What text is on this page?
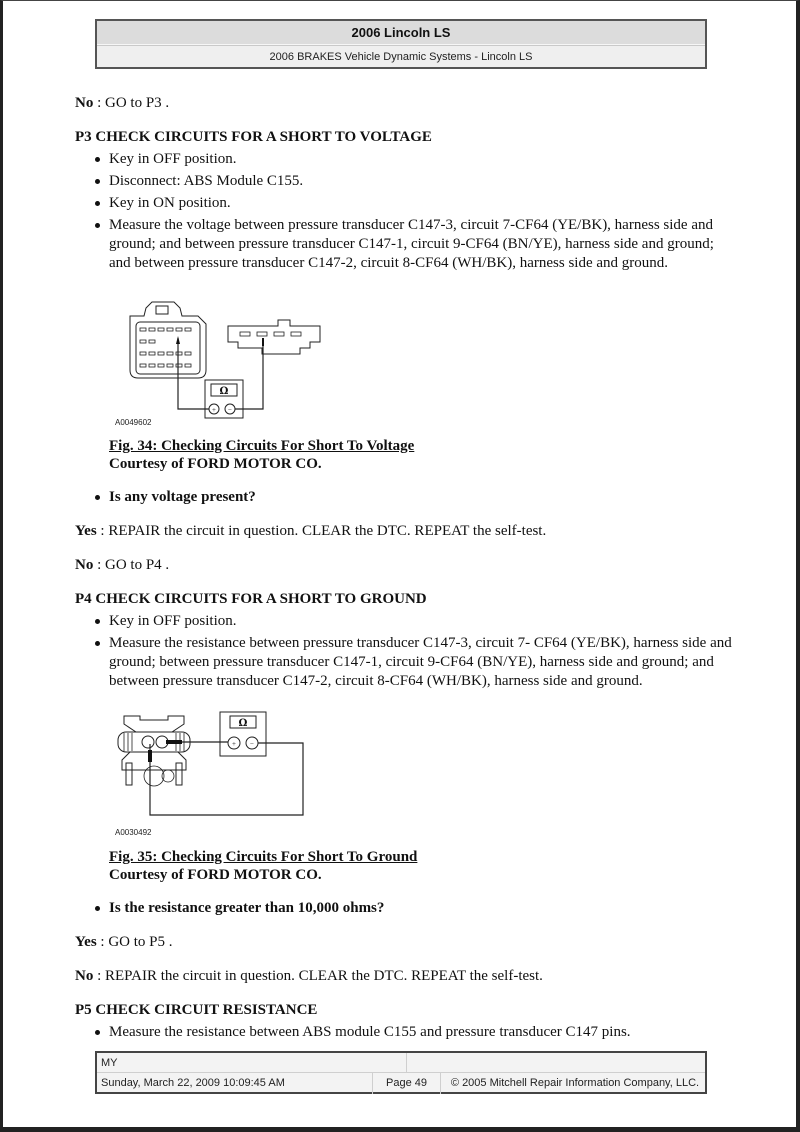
2006 Lincoln LS
2006 BRAKES Vehicle Dynamic Systems - Lincoln LS
No : GO to P3 .
P3 CHECK CIRCUITS FOR A SHORT TO VOLTAGE
Key in OFF position.
Disconnect: ABS Module C155.
Key in ON position.
Measure the voltage between pressure transducer C147-3, circuit 7-CF64 (YE/BK), harness side and
ground; and between pressure transducer C147-1, circuit 9-CF64 (BN/YE), harness side and ground;
and between pressure transducer C147-2, circuit 8-CF64 (WH/BK), harness side and ground.
Ω
+ −
A0049602
Fig. 34: Checking Circuits For Short To Voltage
Courtesy of FORD MOTOR CO.
Is any voltage present?
Yes : REPAIR the circuit in question. CLEAR the DTC. REPEAT the self-test.
No : GO to P4 .
P4 CHECK CIRCUITS FOR A SHORT TO GROUND
Key in OFF position.
Measure the resistance between pressure transducer C147-3, circuit 7- CF64 (YE/BK), harness side and
ground; between pressure transducer C147-1, circuit 9-CF64 (BN/YE), harness side and ground; and
between pressure transducer C147-2, circuit 8-CF64 (WH/BK), harness side and ground.
Ω
+ −
A0030492
Fig. 35: Checking Circuits For Short To Ground
Courtesy of FORD MOTOR CO.
Is the resistance greater than 10,000 ohms?
Yes : GO to P5 .
No : REPAIR the circuit in question. CLEAR the DTC. REPEAT the self-test.
P5 CHECK CIRCUIT RESISTANCE
Measure the resistance between ABS module C155 and pressure transducer C147 pins.
MY
Sunday, March 22, 2009 10:09:45 AM	Page 49	© 2005 Mitchell Repair Information Company, LLC.
